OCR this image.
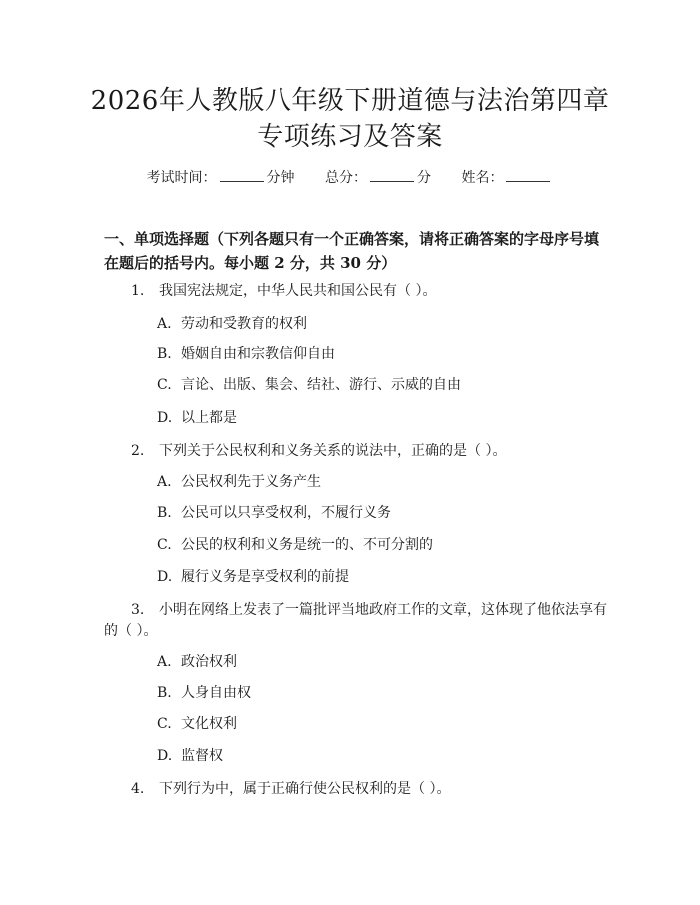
2026年人教版八年级下册道德与法治第四章
专项练习及答案
考试时间：	分钟 总分：	分 姓名：
一、单项选择题（下列各题只有一个正确答案，请将正确答案的字母序号填在题后的括号内。每小题 2 分，共 30 分）
1. 我国宪法规定，中华人民共和国公民有（ ）。
A. 劳动和受教育的权利
B. 婚姻自由和宗教信仰自由
C. 言论、出版、集会、结社、游行、示威的自由
D. 以上都是
2. 下列关于公民权利和义务关系的说法中，正确的是（ ）。
A. 公民权利先于义务产生
B. 公民可以只享受权利，不履行义务
C. 公民的权利和义务是统一的、不可分割的
D. 履行义务是享受权利的前提
3. 小明在网络上发表了一篇批评当地政府工作的文章，这体现了他依法享有
的（ ）。
A. 政治权利
B. 人身自由权
C. 文化权利
D. 监督权
4. 下列行为中，属于正确行使公民权利的是（ ）。
